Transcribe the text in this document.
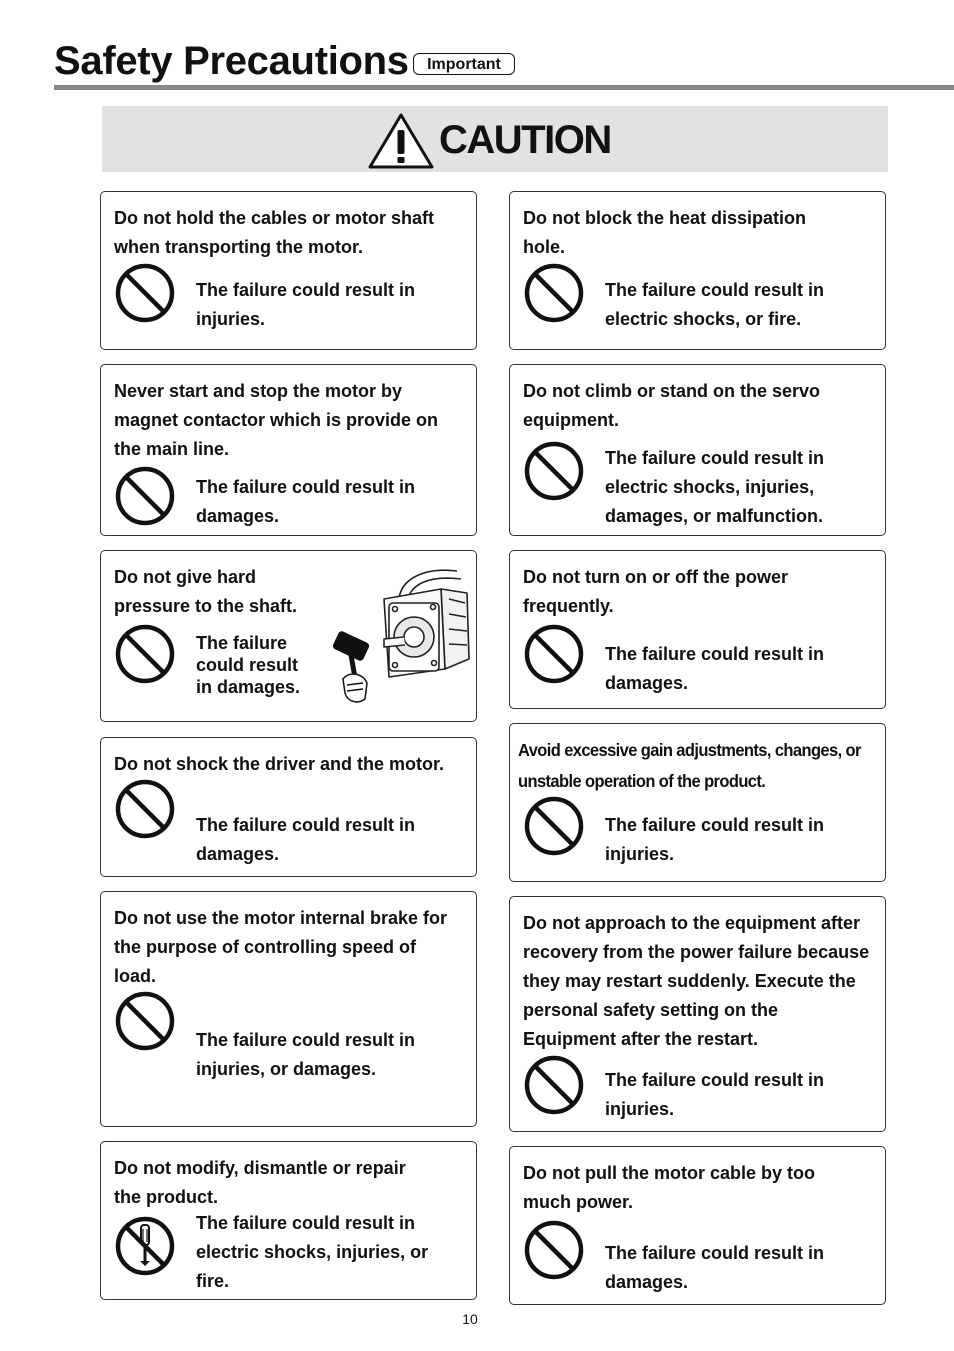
Safety Precautions	Important
CAUTION

Do not hold the cables or motor shaft when transporting the motor.

The failure could result in injuries.

Do not block the heat dissipation hole.

The failure could result in electric shocks, or fire.

Never start and stop the motor by magnet contactor which is provide on the main line.

The failure could result in damages.

Do not climb or stand on the servo equipment.

The failure could result in electric shocks, injuries, damages, or malfunction.

Do not give hard pressure to the shaft.

The failure could result in damages.

Do not turn on or off the power frequently.

The failure could result in damages.

Do not shock the driver and the motor.

The failure could result in damages.

Avoid excessive gain adjustments, changes, or unstable operation of the product.

The failure could result in injuries.

Do not use the motor internal brake for the purpose of controlling speed of load.

The failure could result in injuries, or damages.

Do not approach to the equipment after recovery from the power failure because they may restart suddenly. Execute the personal safety setting on the Equipment after the restart.

The failure could result in injuries.

Do not modify, dismantle or repair the product.

The failure could result in electric shocks, injuries, or fire.

Do not pull the motor cable by too much power.

The failure could result in damages.
10
